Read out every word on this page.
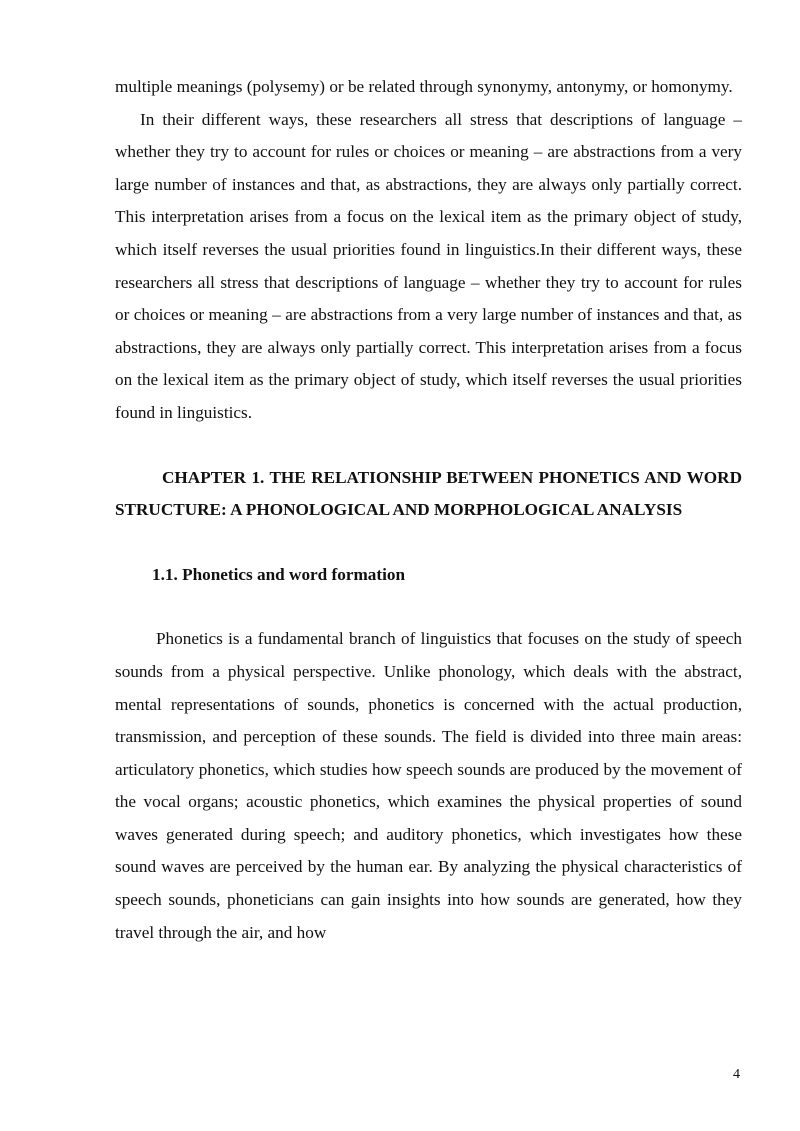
multiple meanings (polysemy) or be related through synonymy, antonymy, or homonymy.

In their different ways, these researchers all stress that descriptions of language – whether they try to account for rules or choices or meaning – are abstractions from a very large number of instances and that, as abstractions, they are always only partially correct. This interpretation arises from a focus on the lexical item as the primary object of study, which itself reverses the usual priorities found in linguistics.In their different ways, these researchers all stress that descriptions of language – whether they try to account for rules or choices or meaning – are abstractions from a very large number of instances and that, as abstractions, they are always only partially correct. This interpretation arises from a focus on the lexical item as the primary object of study, which itself reverses the usual priorities found in linguistics.

CHAPTER 1. THE RELATIONSHIP BETWEEN PHONETICS AND WORD STRUCTURE: A PHONOLOGICAL AND MORPHOLOGICAL ANALYSIS
1.1. Phonetics and word formation

Phonetics is a fundamental branch of linguistics that focuses on the study of speech sounds from a physical perspective. Unlike phonology, which deals with the abstract, mental representations of sounds, phonetics is concerned with the actual production, transmission, and perception of these sounds. The field is divided into three main areas: articulatory phonetics, which studies how speech sounds are produced by the movement of the vocal organs; acoustic phonetics, which examines the physical properties of sound waves generated during speech; and auditory phonetics, which investigates how these sound waves are perceived by the human ear. By analyzing the physical characteristics of speech sounds, phoneticians can gain insights into how sounds are generated, how they travel through the air, and how

4
